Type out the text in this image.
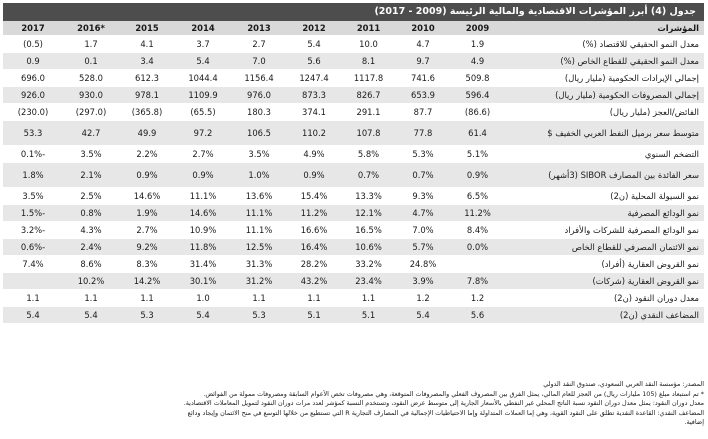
جدول (4) أبرز المؤشرات الاقتصادية والمالية الرئيسة (2009 - 2017)
المؤشرات	2009	2010	2011	2012	2013	2014	2015	2016*	2017
معدل النمو الحقيقي للاقتصاد (%)	1.9	4.7	10.0	5.4	2.7	3.7	4.1	1.7	(0.5)
معدل النمو الحقيقي للقطاع الخاص (%)	4.9	9.7	8.1	5.6	7.0	5.4	3.4	0.1	0.9
إجمالي الإيرادات الحكومية (مليار ريال)	509.8	741.6	1117.8	1247.4	1156.4	1044.4	612.3	528.0	696.0
إجمالي المصروفات الحكومية (مليار ريال)	596.4	653.9	826.7	873.3	976.0	1109.9	978.1	930.0	926.0
الفائض/العجز (مليار ريال)	(86.6)	87.7	291.1	374.1	180.3	(65.5)	(365.8)	(297.0)	(230.0)
متوسط سعر برميل النفط العربي الخفيف $	61.4	77.8	107.8	110.2	106.5	97.2	49.9	42.7	53.3
التضخم السنوي	5.1%	5.3%	5.8%	4.9%	3.5%	2.7%	2.2%	3.5%	0.1%-
سعر الفائدة بين المصارف SIBOR (3أشهر)	0.9%	0.7%	0.7%	0.9%	1.0%	0.9%	0.9%	2.1%	1.8%
نمو السيولة المحلية (ن2)	6.5%	9.3%	13.3%	15.4%	13.6%	11.1%	14.6%	2.5%	3.5%
نمو الودائع المصرفية	11.2%	4.7%	12.1%	11.2%	11.1%	14.6%	1.9%	0.8%	1.5%-
نمو الودائع المصرفية للشركات والأفراد	8.4%	7.0%	16.5%	16.6%	11.1%	10.9%	2.7%	4.3%	3.2%-
نمو الائتمان المصرفي للقطاع الخاص	0.0%	5.7%	10.6%	16.4%	12.5%	11.8%	9.2%	2.4%	0.6%-
نمو القروض العقارية (أفراد)		24.8%	33.2%	28.2%	31.3%	31.4%	8.3%	8.6%	7.4%
نمو القروض العقارية (شركات)	7.8%	3.9%	23.4%	43.2%	31.2%	30.1%	14.2%	10.2%	
معدل دوران النقود (ن2)	1.2	1.2	1.1	1.1	1.1	1.0	1.1	1.1	1.1
المضاعف النقدي (ن2)	5.6	5.4	5.1	5.1	5.3	5.4	5.3	5.4	5.4
المصدر: مؤسسة النقد العربي السعودي، صندوق النقد الدولي
* تم استبعاد مبلغ (105 مليارات ريال) من العجز للعام المالي، يمثل الفرق بين المصروف الفعلي والمصروفات المتوقعة، وهي مصروفات تخص الأعوام السابقة ومصروفات ممولة من الفوائض.
معدل دوران النقود: يمثل معدل دوران النقود نسبة الناتج المحلي غير النفطي بالأسعار الجارية إلى متوسط عرض النقود، وتستخدم النسبة كمؤشر لعدد مرات دوران النقود لتمويل المعاملات الاقتصادية.
المضاعف النقدي: القاعدة النقدية تطلق على النقود القوية، وهي إما العملات المتداولة وإما الاحتياطيات الإجمالية في المصارف التجارية R التي تستطيع من خلالها التوسع في منح الائتمان وإيجاد ودائع
إضافية.
